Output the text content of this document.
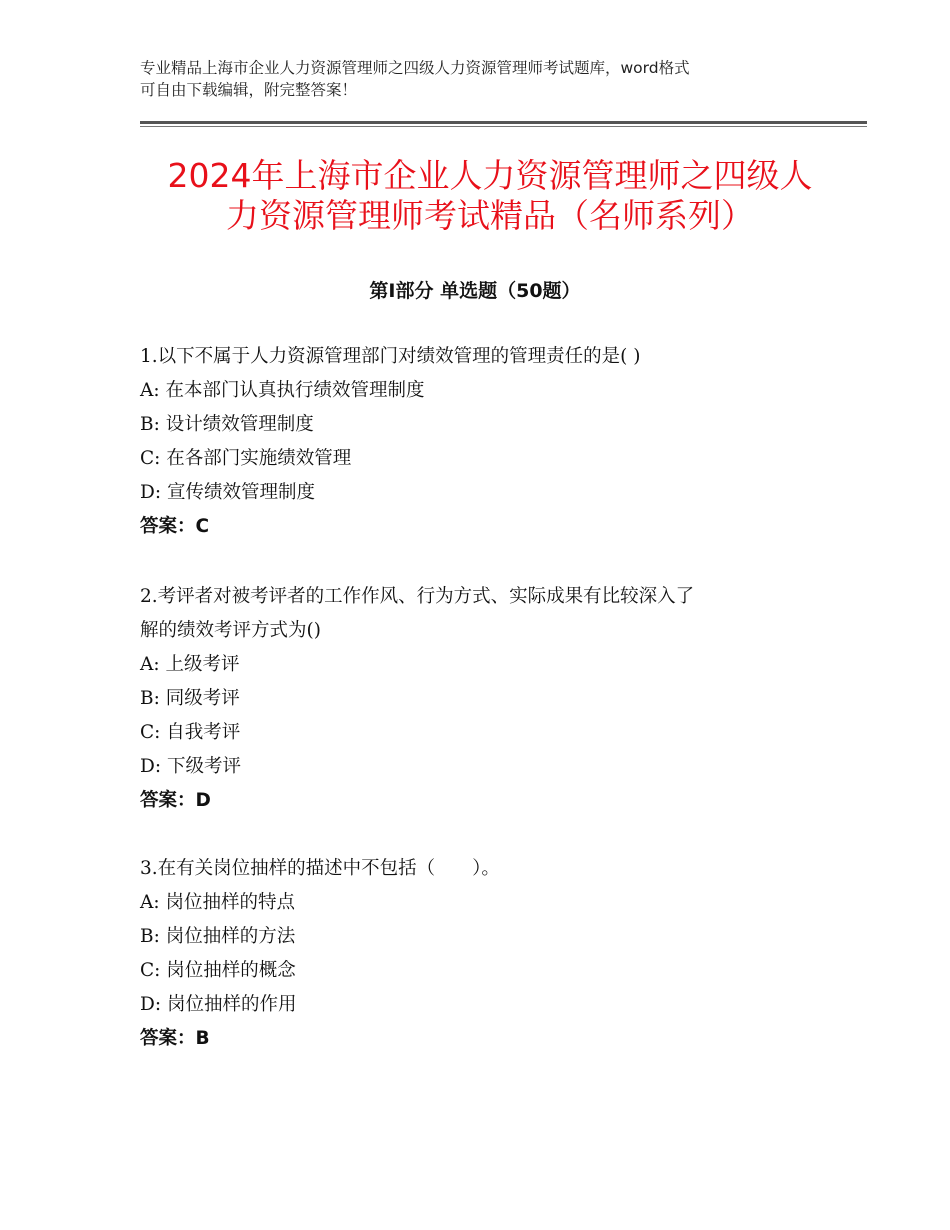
专业精品上海市企业人力资源管理师之四级人力资源管理师考试题库，word格式
可自由下载编辑，附完整答案！
2024年上海市企业人力资源管理师之四级人
力资源管理师考试精品（名师系列）
第Ⅰ部分 单选题（50题）
1.以下不属于人力资源管理部门对绩效管理的管理责任的是( )
A: 在本部门认真执行绩效管理制度
B: 设计绩效管理制度
C: 在各部门实施绩效管理
D: 宣传绩效管理制度
答案：C
2.考评者对被考评者的工作作风、行为方式、实际成果有比较深入了
解的绩效考评方式为()
A: 上级考评
B: 同级考评
C: 自我考评
D: 下级考评
答案：D
3.在有关岗位抽样的描述中不包括（　　）。
A: 岗位抽样的特点
B: 岗位抽样的方法
C: 岗位抽样的概念
D: 岗位抽样的作用
答案：B
